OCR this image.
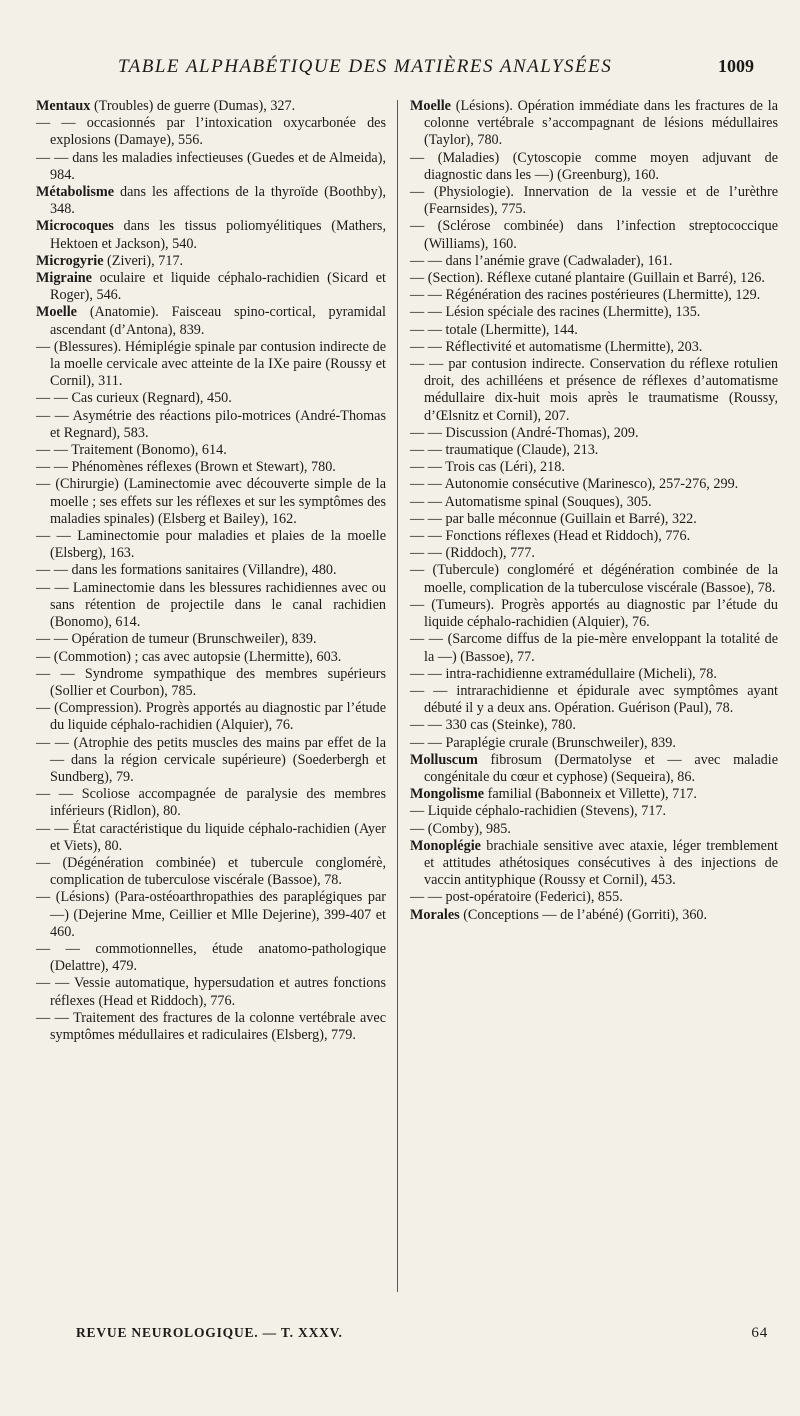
TABLE ALPHABÉTIQUE DES MATIÈRES ANALYSÉES	1009

Mentaux (Troubles) de guerre (Dumas), 327.

— — occasionnés par l’intoxication oxycarbonée des explosions (Damaye), 556.

— — dans les maladies infectieuses (Guedes et de Almeida), 984.

Métabolisme dans les affections de la thyroïde (Boothby), 348.

Microcoques dans les tissus poliomyélitiques (Mathers, Hektoen et Jackson), 540.

Microgyrie (Ziveri), 717.

Migraine oculaire et liquide céphalo-rachidien (Sicard et Roger), 546.

Moelle (Anatomie). Faisceau spino-cortical, pyramidal ascendant (d’Antona), 839.

— (Blessures). Hémiplégie spinale par contusion indirecte de la moelle cervicale avec atteinte de la IXe paire (Roussy et Cornil), 311.

— — Cas curieux (Regnard), 450.

— — Asymétrie des réactions pilo-motrices (André-Thomas et Regnard), 583.

— — Traitement (Bonomo), 614.

— — Phénomènes réflexes (Brown et Stewart), 780.

— (Chirurgie) (Laminectomie avec découverte simple de la moelle ; ses effets sur les réflexes et sur les symptômes des maladies spinales) (Elsberg et Bailey), 162.

— — Laminectomie pour maladies et plaies de la moelle (Elsberg), 163.

— — dans les formations sanitaires (Villandre), 480.

— — Laminectomie dans les blessures rachidiennes avec ou sans rétention de projectile dans le canal rachidien (Bonomo), 614.

— — Opération de tumeur (Brunschweiler), 839.

— (Commotion) ; cas avec autopsie (Lhermitte), 603.

— — Syndrome sympathique des membres supérieurs (Sollier et Courbon), 785.

— (Compression). Progrès apportés au diagnostic par l’étude du liquide céphalo-rachidien (Alquier), 76.

— — (Atrophie des petits muscles des mains par effet de la — dans la région cervicale supérieure) (Soederbergh et Sundberg), 79.

— — Scoliose accompagnée de paralysie des membres inférieurs (Ridlon), 80.

— — État caractéristique du liquide céphalo-rachidien (Ayer et Viets), 80.

— (Dégénération combinée) et tubercule conglomérè, complication de tuberculose viscérale (Bassoe), 78.

— (Lésions) (Para-ostéoarthropathies des paraplégiques par —) (Dejerine Mme, Ceillier et Mlle Dejerine), 399-407 et 460.

— — commotionnelles, étude anatomo-pathologique (Delattre), 479.

— — Vessie automatique, hypersudation et autres fonctions réflexes (Head et Riddoch), 776.

— — Traitement des fractures de la colonne vertébrale avec symptômes médullaires et radiculaires (Elsberg), 779.

Moelle (Lésions). Opération immédiate dans les fractures de la colonne vertébrale s’accompagnant de lésions médullaires (Taylor), 780.

— (Maladies) (Cytoscopie comme moyen adjuvant de diagnostic dans les —) (Greenburg), 160.

— (Physiologie). Innervation de la vessie et de l’urèthre (Fearnsides), 775.

— (Sclérose combinée) dans l’infection streptococcique (Williams), 160.

— — dans l’anémie grave (Cadwalader), 161.

— (Section). Réflexe cutané plantaire (Guillain et Barré), 126.

— — Régénération des racines postérieures (Lhermitte), 129.

— — Lésion spéciale des racines (Lhermitte), 135.

— — totale (Lhermitte), 144.

— — Réflectivité et automatisme (Lhermitte), 203.

— — par contusion indirecte. Conservation du réflexe rotulien droit, des achilléens et présence de réflexes d’automatisme médullaire dix-huit mois après le traumatisme (Roussy, d’Œlsnitz et Cornil), 207.

— — Discussion (André-Thomas), 209.

— — traumatique (Claude), 213.

— — Trois cas (Léri), 218.

— — Autonomie consécutive (Marinesco), 257-276, 299.

— — Automatisme spinal (Souques), 305.

— — par balle méconnue (Guillain et Barré), 322.

— — Fonctions réflexes (Head et Riddoch), 776.

— — (Riddoch), 777.

— (Tubercule) congloméré et dégénération combinée de la moelle, complication de la tuberculose viscérale (Bassoe), 78.

— (Tumeurs). Progrès apportés au diagnostic par l’étude du liquide céphalo-rachidien (Alquier), 76.

— — (Sarcome diffus de la pie-mère enveloppant la totalité de la —) (Bassoe), 77.

— — intra-rachidienne extramédullaire (Micheli), 78.

— — intrarachidienne et épidurale avec symptômes ayant débuté il y a deux ans. Opération. Guérison (Paul), 78.

— — 330 cas (Steinke), 780.

— — Paraplégie crurale (Brunschweiler), 839.

Molluscum fibrosum (Dermatolyse et — avec maladie congénitale du cœur et cyphose) (Sequeira), 86.

Mongolisme familial (Babonneix et Villette), 717.

— Liquide céphalo-rachidien (Stevens), 717.

— (Comby), 985.

Monoplégie brachiale sensitive avec ataxie, léger tremblement et attitudes athétosiques consécutives à des injections de vaccin antityphique (Roussy et Cornil), 453.

— — post-opératoire (Federici), 855.

Morales (Conceptions — de l’abéné) (Gorriti), 360.

REVUE NEUROLOGIQUE. — T. XXXV.	64
